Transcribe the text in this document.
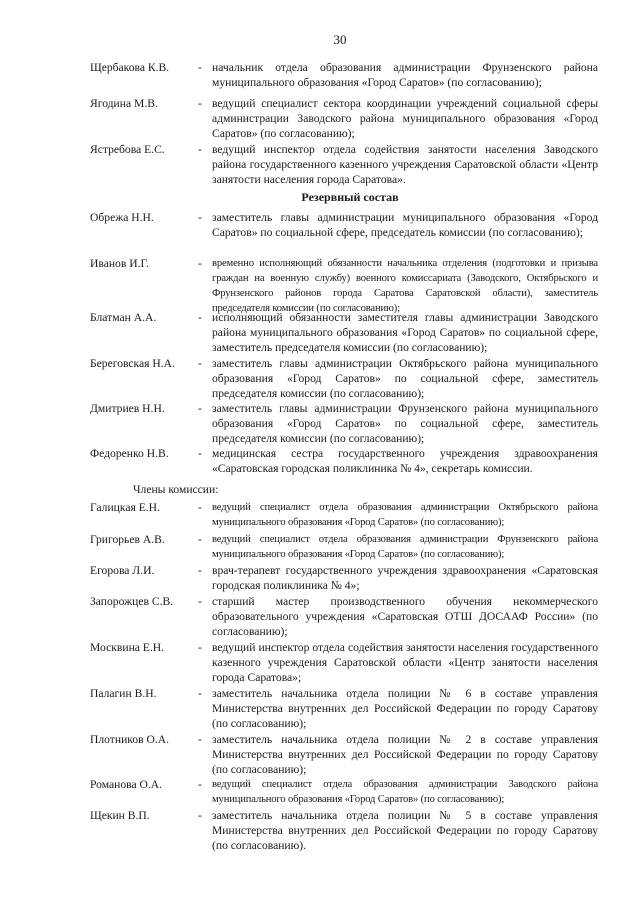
30
Щербакова К.В. - начальник отдела образования администрации Фрунзенского района муниципального образования «Город Саратов» (по согласованию);
Ягодина М.В.	- ведущий специалист сектора координации учреждений социальной сферы администрации Заводского района муниципального образования «Город Саратов» (по согласованию);
Ястребова Е.С.	- ведущий инспектор отдела содействия занятости населения Заводского района государственного казенного учреждения Саратовской области «Центр занятости населения города Саратова».
Резервный состав
Обрежа Н.Н.	- заместитель главы администрации муниципального образования «Город Саратов» по социальной сфере, председатель комиссии (по согласованию);
Иванов И.Г.	- временно исполняющий обязанности начальника отделения (подготовки и призыва граждан на военную службу) военного комиссариата (Заводского, Октябрьского и Фрунзенского районов города Саратова Саратовской области), заместитель председателя комиссии (по согласованию);
Блатман А.А.	- исполняющий обязанности заместителя главы администрации Заводского района муниципального образования «Город Саратов» по социальной сфере, заместитель председателя комиссии (по согласованию);
Береговская Н.А. - заместитель главы администрации Октябрьского района муниципального образования «Город Саратов» по социальной сфере, заместитель председателя комиссии (по согласованию);
Дмитриев Н.Н.	- заместитель главы администрации Фрунзенского района муниципального образования «Город Саратов» по социальной сфере, заместитель председателя комиссии (по согласованию);
Федоренко Н.В.	- медицинская сестра государственного учреждения здравоохранения «Саратовская городская поликлиника № 4», секретарь комиссии.
Члены комиссии:
Галицкая Е.Н.	- ведущий специалист отдела образования администрации Октябрьского района муниципального образования «Город Саратов» (по согласованию);
Григорьев А.В.	- ведущий специалист отдела образования администрации Фрунзенского района муниципального образования «Город Саратов» (по согласованию);
Егорова Л.И.	- врач-терапевт государственного учреждения здравоохранения «Саратовская городская поликлиника № 4»;
Запорожцев С.В. - старший мастер производственного обучения некоммерческого образовательного учреждения «Саратовская ОТШ ДОСААФ России» (по согласованию);
Москвина Е.Н.	- ведущий инспектор отдела содействия занятости населения государственного казенного учреждения Саратовской области «Центр занятости населения города Саратова»;
Палагин В.Н.	- заместитель начальника отдела полиции № 6 в составе управления Министерства внутренних дел Российской Федерации по городу Саратову (по согласованию);
Плотников О.А. - заместитель начальника отдела полиции № 2 в составе управления Министерства внутренних дел Российской Федерации по городу Саратову (по согласованию);
Романова О.А.	- ведущий специалист отдела образования администрации Заводского района муниципального образования «Город Саратов» (по согласованию);
Щекин В.П.	- заместитель начальника отдела полиции № 5 в составе управления Министерства внутренних дел Российской Федерации по городу Саратову (по согласованию).
